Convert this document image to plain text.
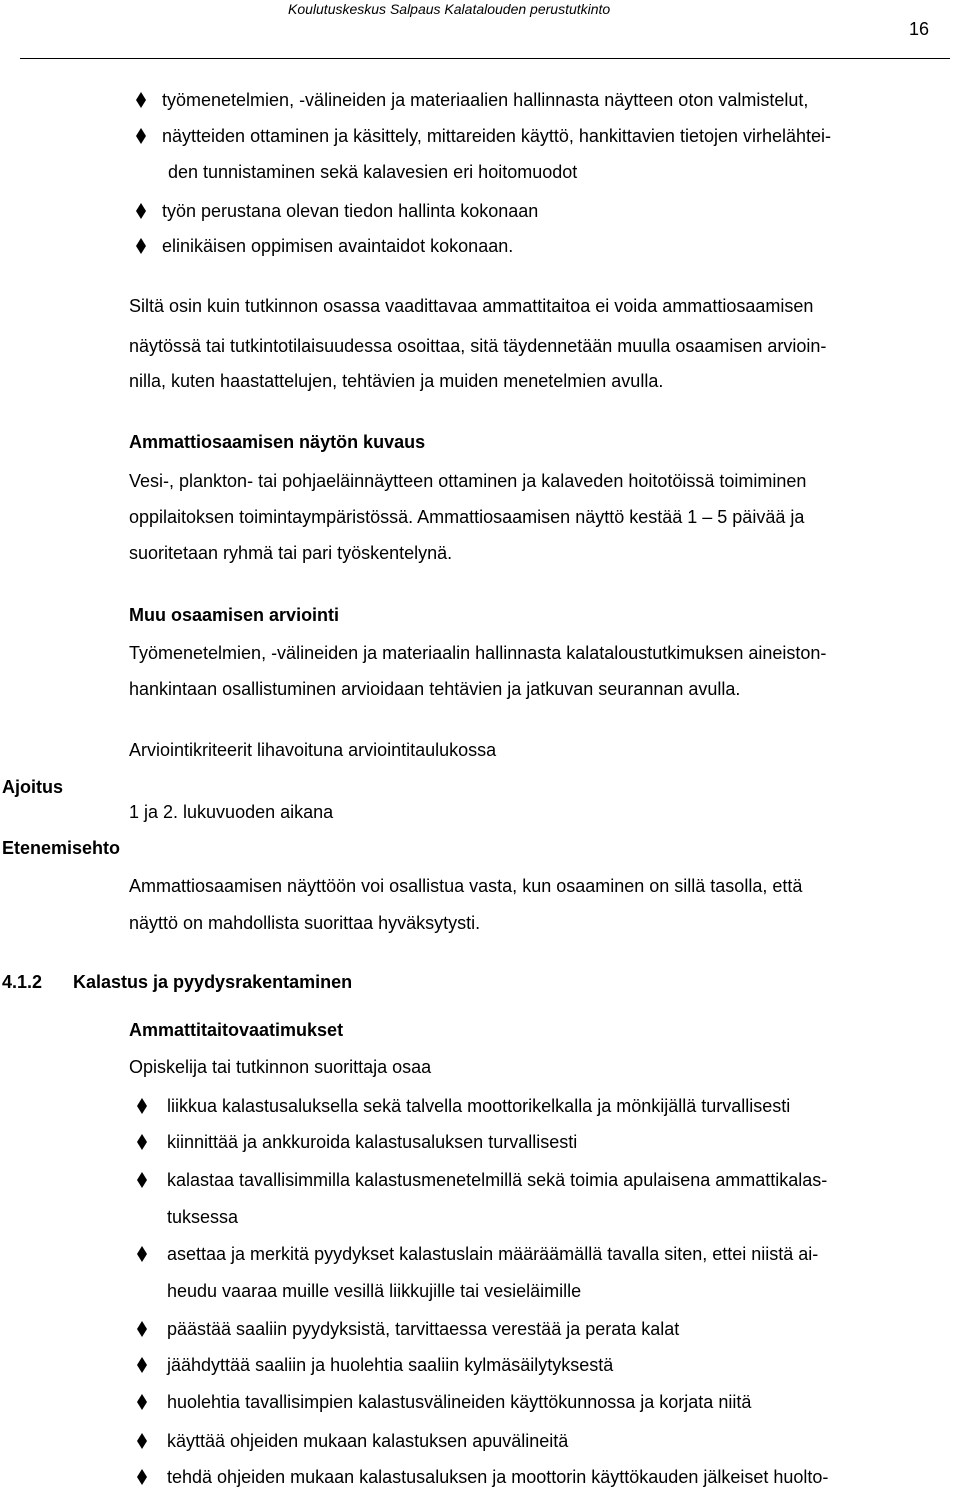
Koulutuskeskus Salpaus Kalatalouden perustutkinto
16
työmenetelmien, -välineiden ja materiaalien hallinnasta näytteen oton valmistelut,
näytteiden ottaminen ja käsittely, mittareiden käyttö, hankittavien tietojen virhelähtei-
den tunnistaminen sekä kalavesien eri hoitomuodot
työn perustana olevan tiedon hallinta kokonaan
elinikäisen oppimisen avaintaidot kokonaan.
Siltä osin kuin tutkinnon osassa vaadittavaa ammattitaitoa ei voida ammattiosaamisen
näytössä tai tutkintotilaisuudessa osoittaa, sitä täydennetään muulla osaamisen arvioin-
nilla, kuten haastattelujen, tehtävien ja muiden menetelmien avulla.
Ammattiosaamisen näytön kuvaus
Vesi-, plankton- tai pohjaeläinnäytteen ottaminen ja kalaveden hoitotöissä toimiminen
oppilaitoksen toimintaympäristössä. Ammattiosaamisen näyttö kestää 1 – 5 päivää ja
suoritetaan ryhmä tai pari työskentelynä.
Muu osaamisen arviointi
Työmenetelmien, -välineiden ja materiaalin hallinnasta kalataloustutkimuksen aineiston-
hankintaan osallistuminen arvioidaan tehtävien ja jatkuvan seurannan avulla.
Arviointikriteerit lihavoituna arviointitaulukossa
Ajoitus
1 ja 2. lukuvuoden aikana
Etenemisehto
Ammattiosaamisen näyttöön voi osallistua vasta, kun osaaminen on sillä tasolla, että
näyttö on mahdollista suorittaa hyväksytysti.
4.1.2 Kalastus ja pyydysrakentaminen
Ammattitaitovaatimukset
Opiskelija tai tutkinnon suorittaja osaa
liikkua kalastusaluksella sekä talvella moottorikelkalla ja mönkijällä turvallisesti
kiinnittää ja ankkuroida kalastusaluksen turvallisesti
kalastaa tavallisimmilla kalastusmenetelmillä sekä toimia apulaisena ammattikalas-
tuksessa
asettaa ja merkitä pyydykset kalastuslain määräämällä tavalla siten, ettei niistä ai-
heudu vaaraa muille vesillä liikkujille tai vesieläimille
päästää saaliin pyydyksistä, tarvittaessa verestää ja perata kalat
jäähdyttää saaliin ja huolehtia saaliin kylmäsäilytyksestä
huolehtia tavallisimpien kalastusvälineiden käyttökunnossa ja korjata niitä
käyttää ohjeiden mukaan kalastuksen apuvälineitä
tehdä ohjeiden mukaan kalastusaluksen ja moottorin käyttökauden jälkeiset huolto-
